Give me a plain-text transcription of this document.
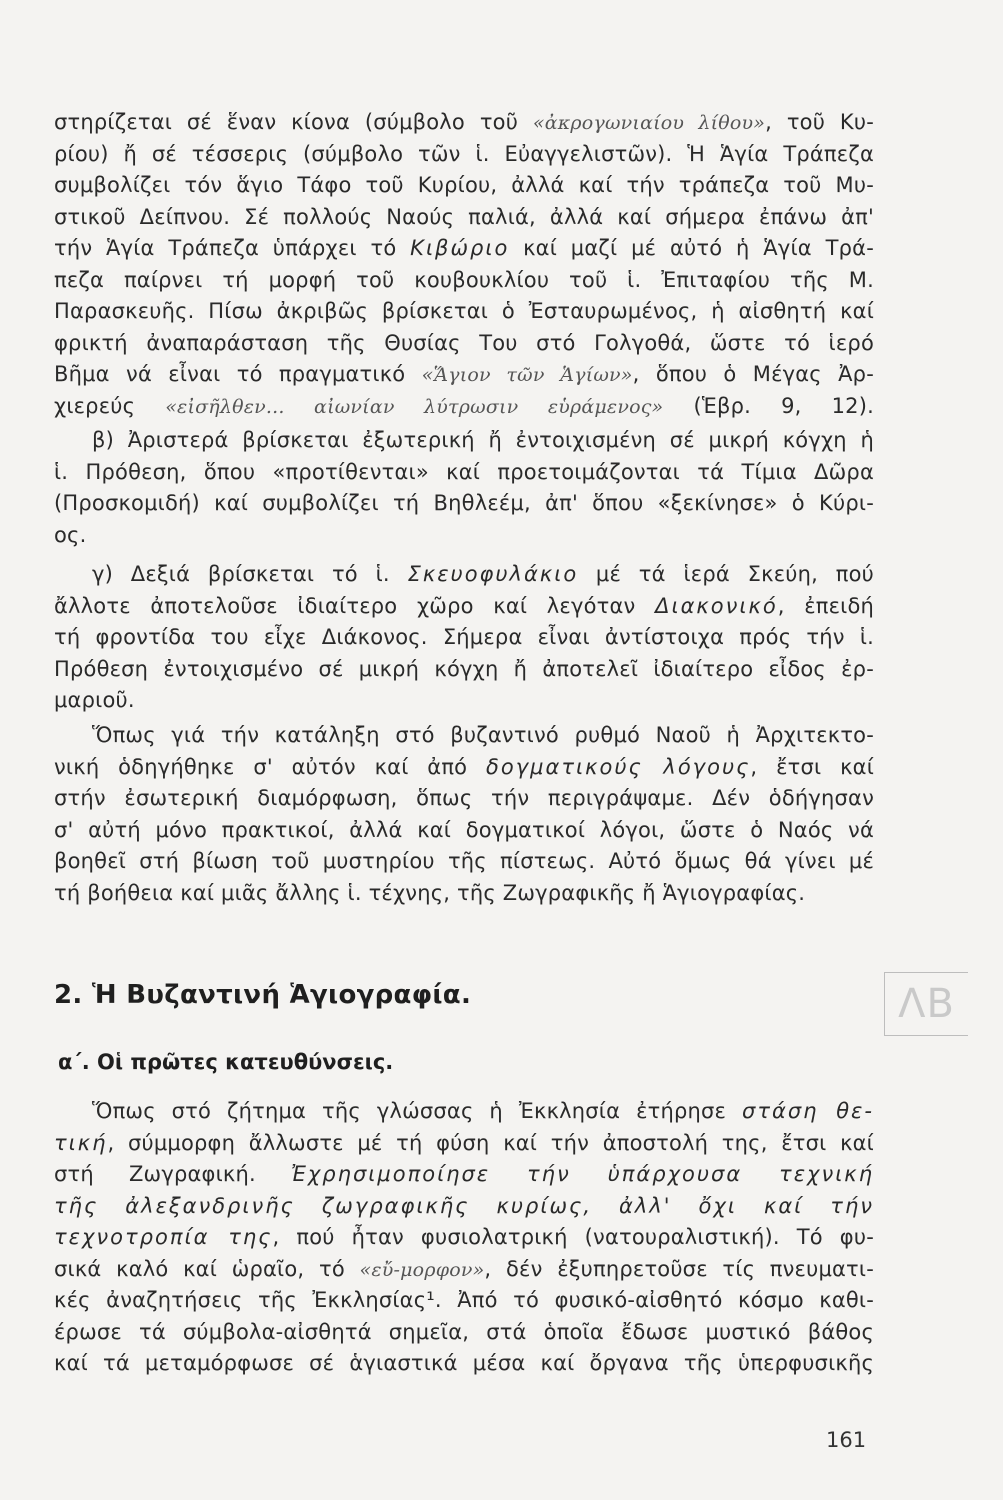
στηρίζεται σέ ἕναν κίονα (σύμβολο τοῦ «ἀκρογωνιαίου λίθου», τοῦ Κυ-
ρίου) ἤ σέ τέσσερις (σύμβολο τῶν ἱ. Εὐαγγελιστῶν). Ἡ Ἁγία Τράπεζα
συμβολίζει τόν ἅγιο Τάφο τοῦ Κυρίου, ἀλλά καί τήν τράπεζα τοῦ Μυ-
στικοῦ Δείπνου. Σέ πολλούς Ναούς παλιά, ἀλλά καί σήμερα ἐπάνω ἀπ'
τήν Ἁγία Τράπεζα ὑπάρχει τό Κιβώριο καί μαζί μέ αὐτό ἡ Ἁγία Τρά-
πεζα παίρνει τή μορφή τοῦ κουβουκλίου τοῦ ἱ. Ἐπιταφίου τῆς Μ.
Παρασκευῆς. Πίσω ἀκριβῶς βρίσκεται ὁ Ἐσταυρωμένος, ἡ αἰσθητή καί
φρικτή ἀναπαράσταση τῆς Θυσίας Του στό Γολγοθά, ὥστε τό ἱερό
Βῆμα νά εἶναι τό πραγματικό «Ἅγιον τῶν Ἁγίων», ὅπου ὁ Μέγας Ἀρ-
χιερεύς «εἰσῆλθεν... αἰωνίαν λύτρωσιν εὑράμενος» (Ἑβρ. 9, 12).
β) Ἀριστερά βρίσκεται ἐξωτερική ἤ ἐντοιχισμένη σέ μικρή κόγχη ἡ
ἱ. Πρόθεση, ὅπου «προτίθενται» καί προετοιμάζονται τά Τίμια Δῶρα
(Προσκομιδή) καί συμβολίζει τή Βηθλεέμ, ἀπ' ὅπου «ξεκίνησε» ὁ Κύρι-
ος.
γ) Δεξιά βρίσκεται τό ἱ. Σκευοφυλάκιο μέ τά ἱερά Σκεύη, πού
ἄλλοτε ἀποτελοῦσε ἰδιαίτερο χῶρο καί λεγόταν Διακονικό, ἐπειδή
τή φροντίδα του εἶχε Διάκονος. Σήμερα εἶναι ἀντίστοιχα πρός τήν ἱ.
Πρόθεση ἐντοιχισμένο σέ μικρή κόγχη ἤ ἀποτελεῖ ἰδιαίτερο εἶδος ἐρ-
μαριοῦ.
Ὅπως γιά τήν κατάληξη στό βυζαντινό ρυθμό Ναοῦ ἡ Ἀρχιτεκτο-
νική ὁδηγήθηκε σ' αὐτόν καί ἀπό δογματικούς λόγους, ἔτσι καί
στήν ἐσωτερική διαμόρφωση, ὅπως τήν περιγράψαμε. Δέν ὁδήγησαν
σ' αὐτή μόνο πρακτικοί, ἀλλά καί δογματικοί λόγοι, ὥστε ὁ Ναός νά
βοηθεῖ στή βίωση τοῦ μυστηρίου τῆς πίστεως. Αὐτό ὅμως θά γίνει μέ
τή βοήθεια καί μιᾶς ἄλλης ἱ. τέχνης, τῆς Ζωγραφικῆς ἤ Ἁγιογραφίας.
Ὅπως στό ζήτημα τῆς γλώσσας ἡ Ἐκκλησία ἐτήρησε στάση θε-
τική, σύμμορφη ἄλλωστε μέ τή φύση καί τήν ἀποστολή της, ἔτσι καί
στή Ζωγραφική. Ἐχρησιμοποίησε τήν ὑπάρχουσα τεχνική
τῆς ἀλεξανδρινῆς ζωγραφικῆς κυρίως, ἀλλ' ὄχι καί τήν
τεχνοτροπία της, πού ἦταν φυσιολατρική (νατουραλιστική). Τό φυ-
σικά καλό καί ὡραῖο, τό «εὔ-μορφον», δέν ἐξυπηρετοῦσε τίς πνευματι-
κές ἀναζητήσεις τῆς Ἐκκλησίας¹. Ἀπό τό φυσικό-αἰσθητό κόσμο καθι-
έρωσε τά σύμβολα-αἰσθητά σημεῖα, στά ὁποῖα ἔδωσε μυστικό βάθος
καί τά μεταμόρφωσε σέ ἁγιαστικά μέσα καί ὄργανα τῆς ὑπερφυσικῆς
2. Ἡ Βυζαντινή Ἁγιογραφία.
α΄. Οἱ πρῶτες κατευθύνσεις.
ΛΒ
161
